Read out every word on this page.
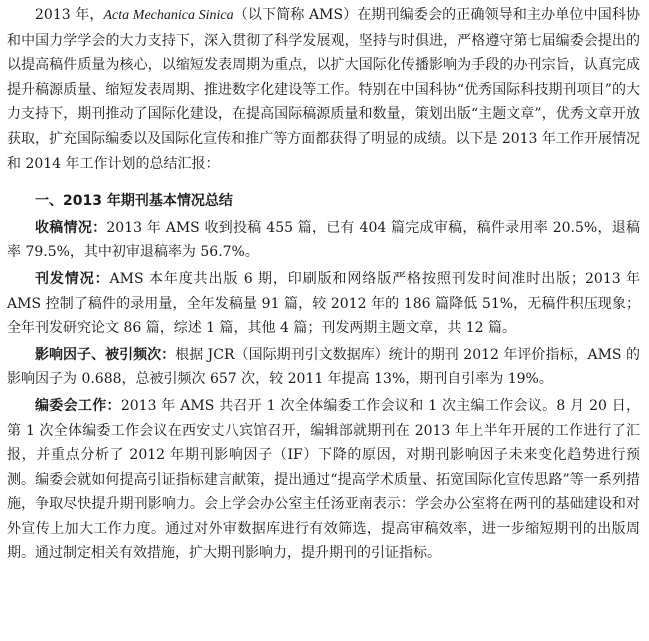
2013 年，Acta Mechanica Sinica（以下简称 AMS）在期刊编委会的正确领导和主办单位中国科协和中国力学学会的大力支持下，深入贯彻了科学发展观，坚持与时俱进，严格遵守第七届编委会提出的以提高稿件质量为核心，以缩短发表周期为重点，以扩大国际化传播影响为手段的办刊宗旨，认真完成提升稿源质量、缩短发表周期、推进数字化建设等工作。特别在中国科协“优秀国际科技期刊项目”的大力支持下，期刊推动了国际化建设，在提高国际稿源质量和数量，策划出版“主题文章”，优秀文章开放获取，扩充国际编委以及国际化宣传和推广等方面都获得了明显的成绩。以下是 2013 年工作开展情况和 2014 年工作计划的总结汇报：

一、2013 年期刊基本情况总结

收稿情况：2013 年 AMS 收到投稿 455 篇，已有 404 篇完成审稿，稿件录用率 20.5%，退稿率 79.5%，其中初审退稿率为 56.7%。

刊发情况：AMS 本年度共出版 6 期，印刷版和网络版严格按照刊发时间准时出版；2013 年 AMS 控制了稿件的录用量，全年发稿量 91 篇，较 2012 年的 186 篇降低 51%，无稿件积压现象；全年刊发研究论文 86 篇，综述 1 篇，其他 4 篇；刊发两期主题文章，共 12 篇。

影响因子、被引频次：根据 JCR（国际期刊引文数据库）统计的期刊 2012 年评价指标，AMS 的影响因子为 0.688，总被引频次 657 次，较 2011 年提高 13%，期刊自引率为 19%。

编委会工作：2013 年 AMS 共召开 1 次全体编委工作会议和 1 次主编工作会议。8 月 20 日，第 1 次全体编委工作会议在西安丈八宾馆召开，编辑部就期刊在 2013 年上半年开展的工作进行了汇报，并重点分析了 2012 年期刊影响因子（IF）下降的原因，对期刊影响因子未来变化趋势进行预测。编委会就如何提高引证指标建言献策，提出通过“提高学术质量、拓宽国际化宣传思路”等一系列措施，争取尽快提升期刊影响力。会上学会办公室主任汤亚南表示：学会办公室将在两刊的基础建设和对外宣传上加大工作力度。通过对外审数据库进行有效筛选，提高审稿效率，进一步缩短期刊的出版周期。通过制定相关有效措施，扩大期刊影响力，提升期刊的引证指标。
